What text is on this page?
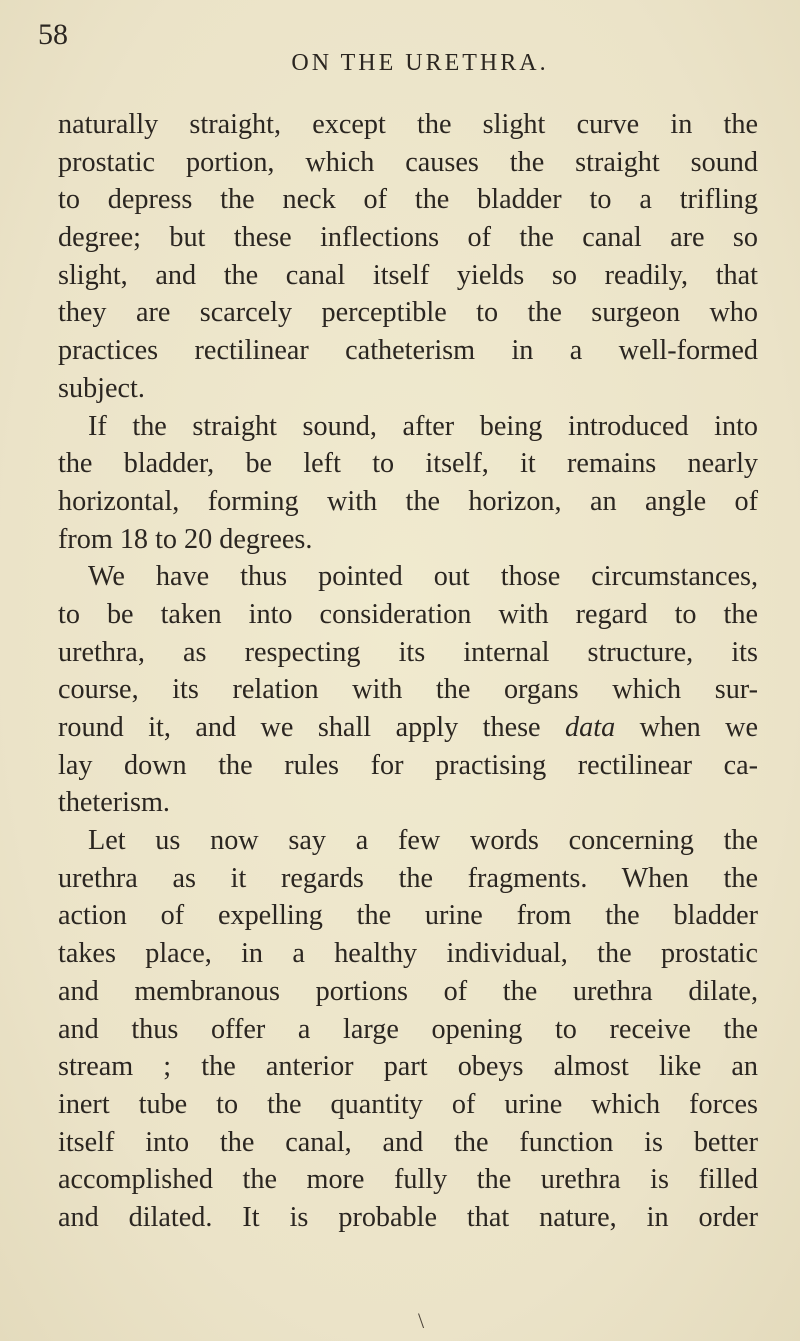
58
ON THE URETHRA.
naturally straight, except the slight curve in the
prostatic portion, which causes the straight sound
to depress the neck of the bladder to a trifling
degree; but these inflections of the canal are so
slight, and the canal itself yields so readily, that
they are scarcely perceptible to the surgeon who
practices rectilinear catheterism in a well-formed
subject.
If the straight sound, after being introduced into
the bladder, be left to itself, it remains nearly
horizontal, forming with the horizon, an angle of
from 18 to 20 degrees.
We have thus pointed out those circumstances,
to be taken into consideration with regard to the
urethra, as respecting its internal structure, its
course, its relation with the organs which sur-
round it, and we shall apply these data when we
lay down the rules for practising rectilinear ca-
theterism.
Let us now say a few words concerning the
urethra as it regards the fragments. When the
action of expelling the urine from the bladder
takes place, in a healthy individual, the prostatic
and membranous portions of the urethra dilate,
and thus offer a large opening to receive the
stream ; the anterior part obeys almost like an
inert tube to the quantity of urine which forces
itself into the canal, and the function is better
accomplished the more fully the urethra is filled
and dilated. It is probable that nature, in order
\
